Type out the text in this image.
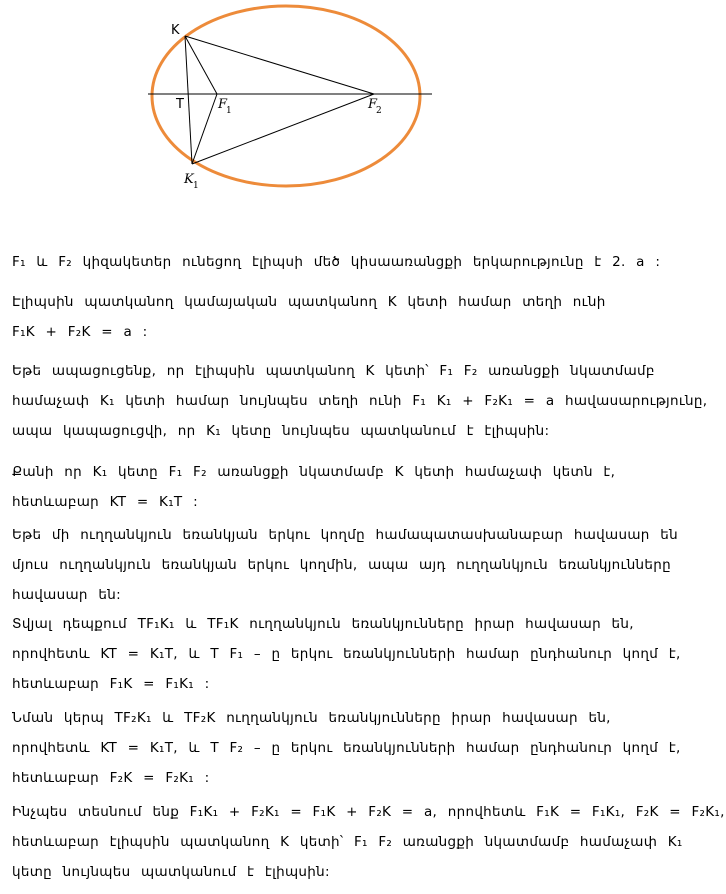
K
T	F
1	F
2
K 1
F₁ և F₂ կիզակետեր ունեցող էլիպսի մեծ կիսաառանցքի երկարությունը է 2. a :
Էլիպսին պատկանող կամայական պատկանող K կետի համար տեղի ունի
F₁K + F₂K = a :
Եթե ապացուցենք, որ էլիպսին պատկանող K կետի՝ F₁ F₂ առանցքի նկատմամբ
համաչափ K₁ կետի համար նույնպես տեղի ունի F₁ K₁ + F₂K₁ = a հավասարությունը,
ապա կապացուցվի, որ K₁ կետը նույնպես պատկանում է էլիպսին:
Քանի որ K₁ կետը F₁ F₂ առանցքի նկատմամբ K կետի համաչափ կետն է,
հետևաբար KT = K₁T :
Եթե մի ուղղանկյուն եռանկյան երկու կողմը համապատասխանաբար հավասար են
մյուս ուղղանկյուն եռանկյան երկու կողմին, ապա այդ ուղղանկյուն եռանկյունները
հավասար են:
Տվյալ դեպքում TF₁K₁ և TF₁K ուղղանկյուն եռանկյունները իրար հավասար են,
որովհետև KT = K₁T, և T F₁ – ը երկու եռանկյունների համար ընդհանուր կողմ է,
հետևաբար F₁K = F₁K₁ :
Նման կերպ TF₂K₁ և TF₂K ուղղանկյուն եռանկյունները իրար հավասար են,
որովհետև KT = K₁T, և T F₂ – ը երկու եռանկյունների համար ընդհանուր կողմ է,
հետևաբար F₂K = F₂K₁ :
Ինչպես տեսնում ենք F₁K₁ + F₂K₁ = F₁K + F₂K = a, որովհետև F₁K = F₁K₁, F₂K = F₂K₁,
հետևաբար էլիպսին պատկանող K կետի՝ F₁ F₂ առանցքի նկատմամբ համաչափ K₁
կետը նույնպես պատկանում է էլիպսին:
